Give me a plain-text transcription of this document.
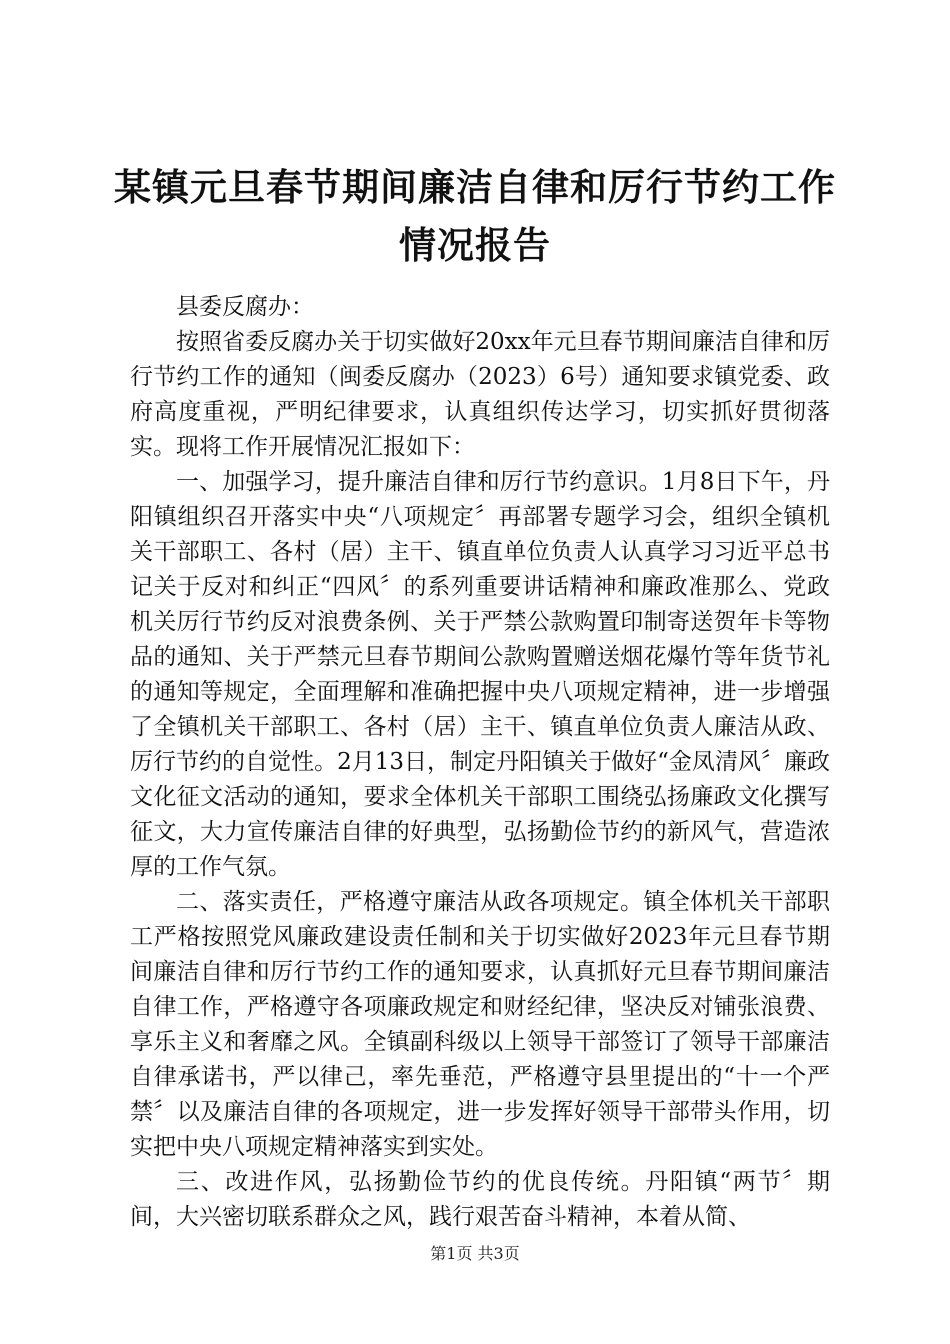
某镇元旦春节期间廉洁自律和厉行节约工作情况报告

县委反腐办：

按照省委反腐办关于切实做好20xx年元旦春节期间廉洁自律和厉行节约工作的通知（闽委反腐办（2023）6号）通知要求镇党委、政府高度重视，严明纪律要求，认真组织传达学习，切实抓好贯彻落实。现将工作开展情况汇报如下：

一、加强学习，提升廉洁自律和厉行节约意识。1月8日下午，丹阳镇组织召开落实中央“八项规定〞再部署专题学习会，组织全镇机关干部职工、各村（居）主干、镇直单位负责人认真学习习近平总书记关于反对和纠正“四风〞的系列重要讲话精神和廉政准那么、党政机关厉行节约反对浪费条例、关于严禁公款购置印制寄送贺年卡等物品的通知、关于严禁元旦春节期间公款购置赠送烟花爆竹等年货节礼的通知等规定，全面理解和准确把握中央八项规定精神，进一步增强了全镇机关干部职工、各村（居）主干、镇直单位负责人廉洁从政、厉行节约的自觉性。2月13日，制定丹阳镇关于做好“金凤清风〞廉政文化征文活动的通知，要求全体机关干部职工围绕弘扬廉政文化撰写征文，大力宣传廉洁自律的好典型，弘扬勤俭节约的新风气，营造浓厚的工作气氛。

二、落实责任，严格遵守廉洁从政各项规定。镇全体机关干部职工严格按照党风廉政建设责任制和关于切实做好2023年元旦春节期间廉洁自律和厉行节约工作的通知要求，认真抓好元旦春节期间廉洁自律工作，严格遵守各项廉政规定和财经纪律，坚决反对铺张浪费、享乐主义和奢靡之风。全镇副科级以上领导干部签订了领导干部廉洁自律承诺书，严以律己，率先垂范，严格遵守县里提出的“十一个严禁〞以及廉洁自律的各项规定，进一步发挥好领导干部带头作用，切实把中央八项规定精神落实到实处。

三、改进作风，弘扬勤俭节约的优良传统。丹阳镇“两节〞期间，大兴密切联系群众之风，践行艰苦奋斗精神，本着从简、

第1页 共3页
